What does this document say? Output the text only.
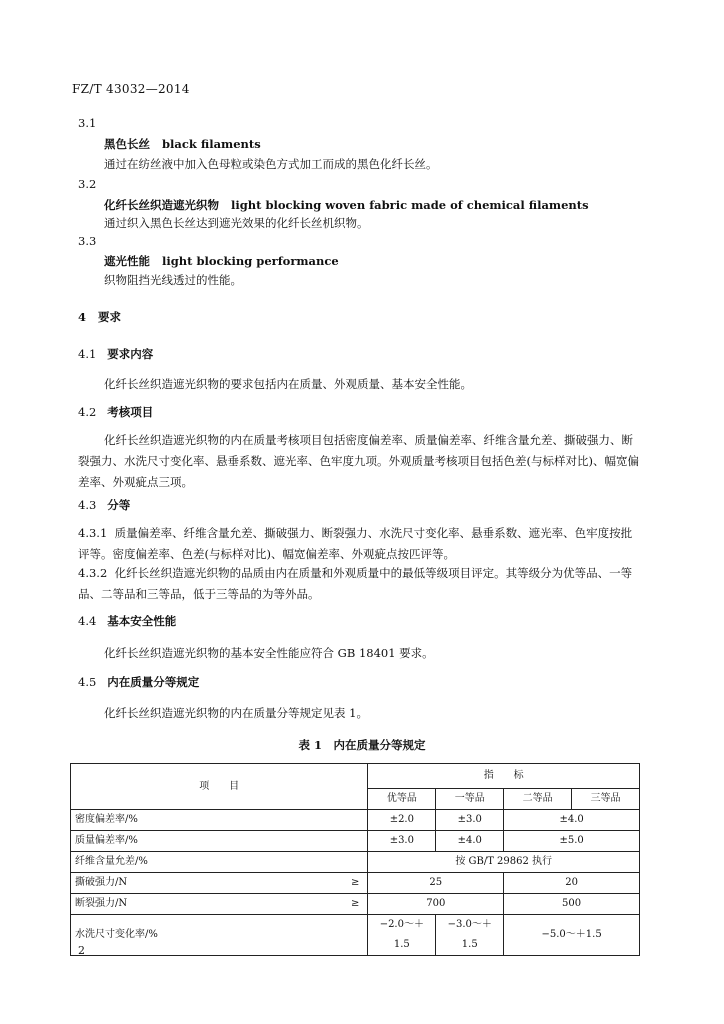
FZ/T 43032—2014
3.1
黑色长丝 black filaments
通过在纺丝液中加入色母粒或染色方式加工而成的黑色化纤长丝。
3.2
化纤长丝织造遮光织物 light blocking woven fabric made of chemical filaments
通过织入黑色长丝达到遮光效果的化纤长丝机织物。
3.3
遮光性能 light blocking performance
织物阻挡光线透过的性能。
4 要求
4.1 要求内容
化纤长丝织造遮光织物的要求包括内在质量、外观质量、基本安全性能。
4.2 考核项目
化纤长丝织造遮光织物的内在质量考核项目包括密度偏差率、质量偏差率、纤维含量允差、撕破强力、断裂强力、水洗尺寸变化率、悬垂系数、遮光率、色牢度九项。外观质量考核项目包括色差(与标样对比)、幅宽偏差率、外观疵点三项。
4.3 分等
4.3.1 质量偏差率、纤维含量允差、撕破强力、断裂强力、水洗尺寸变化率、悬垂系数、遮光率、色牢度按批评等。密度偏差率、色差(与标样对比)、幅宽偏差率、外观疵点按匹评等。
4.3.2 化纤长丝织造遮光织物的品质由内在质量和外观质量中的最低等级项目评定。其等级分为优等品、一等品、二等品和三等品，低于三等品的为等外品。
4.4 基本安全性能
化纤长丝织造遮光织物的基本安全性能应符合 GB 18401 要求。
4.5 内在质量分等规定
化纤长丝织造遮光织物的内在质量分等规定见表 1。
表 1　内在质量分等规定
项　　目	指　　标			
	优等品	一等品	二等品	三等品
密度偏差率/%	±2.0	±3.0	±4.0	
质量偏差率/%	±3.0	±4.0	±5.0	
纤维含量允差/%	按 GB/T 29862 执行			
撕破强力/N ≥	25		20	
断裂强力/N ≥	700		500	
水洗尺寸变化率/%	−2.0～＋1.5	−3.0～＋1.5	−5.0～＋1.5	
2
